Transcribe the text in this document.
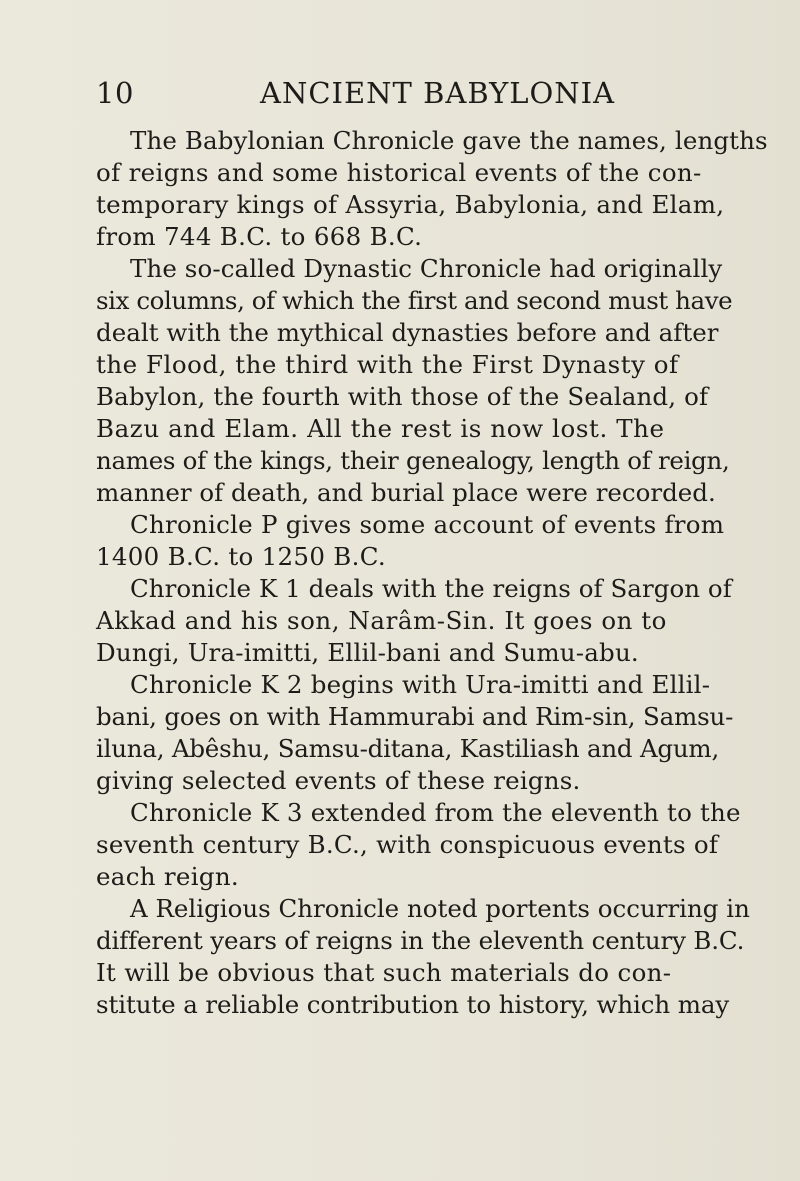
10	ANCIENT BABYLONIA
The Babylonian Chronicle gave the names, lengths
of reigns and some historical events of the con-
temporary kings of Assyria, Babylonia, and Elam,
from 744 B.C. to 668 B.C.
The so-called Dynastic Chronicle had originally
six columns, of which the first and second must have
dealt with the mythical dynasties before and after
the Flood, the third with the First Dynasty of
Babylon, the fourth with those of the Sealand, of
Bazu and Elam. All the rest is now lost. The
names of the kings, their genealogy, length of reign,
manner of death, and burial place were recorded.
Chronicle P gives some account of events from
1400 B.C. to 1250 B.C.
Chronicle K 1 deals with the reigns of Sargon of
Akkad and his son, Narâm-Sin. It goes on to
Dungi, Ura-imitti, Ellil-bani and Sumu-abu.
Chronicle K 2 begins with Ura-imitti and Ellil-
bani, goes on with Hammurabi and Rim-sin, Samsu-
iluna, Abêshu, Samsu-ditana, Kastiliash and Agum,
giving selected events of these reigns.
Chronicle K 3 extended from the eleventh to the
seventh century B.C., with conspicuous events of
each reign.
A Religious Chronicle noted portents occurring in
different years of reigns in the eleventh century B.C.
It will be obvious that such materials do con-
stitute a reliable contribution to history, which may
